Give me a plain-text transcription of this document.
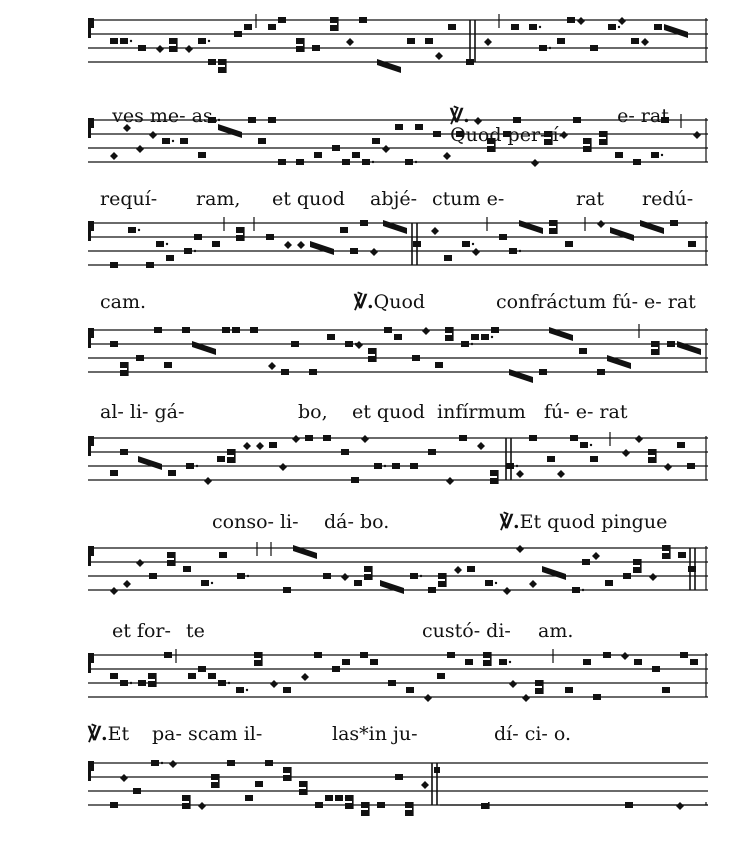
ves me- as.	℣.
Quod per- í-

e- rat

requí- ram, et quod abjé- ctum e-	rat redú-
cam.	℣.Quod	confráctum fú- e- rat
al- li- gá-	bo, et quod infírmum fú- e- rat
conso- li- dá- bo.	℣.Et quod pingue
et for- te	custó- di- am.
℣.Et pa- scam il-	las*in ju-	dí- ci- o.
